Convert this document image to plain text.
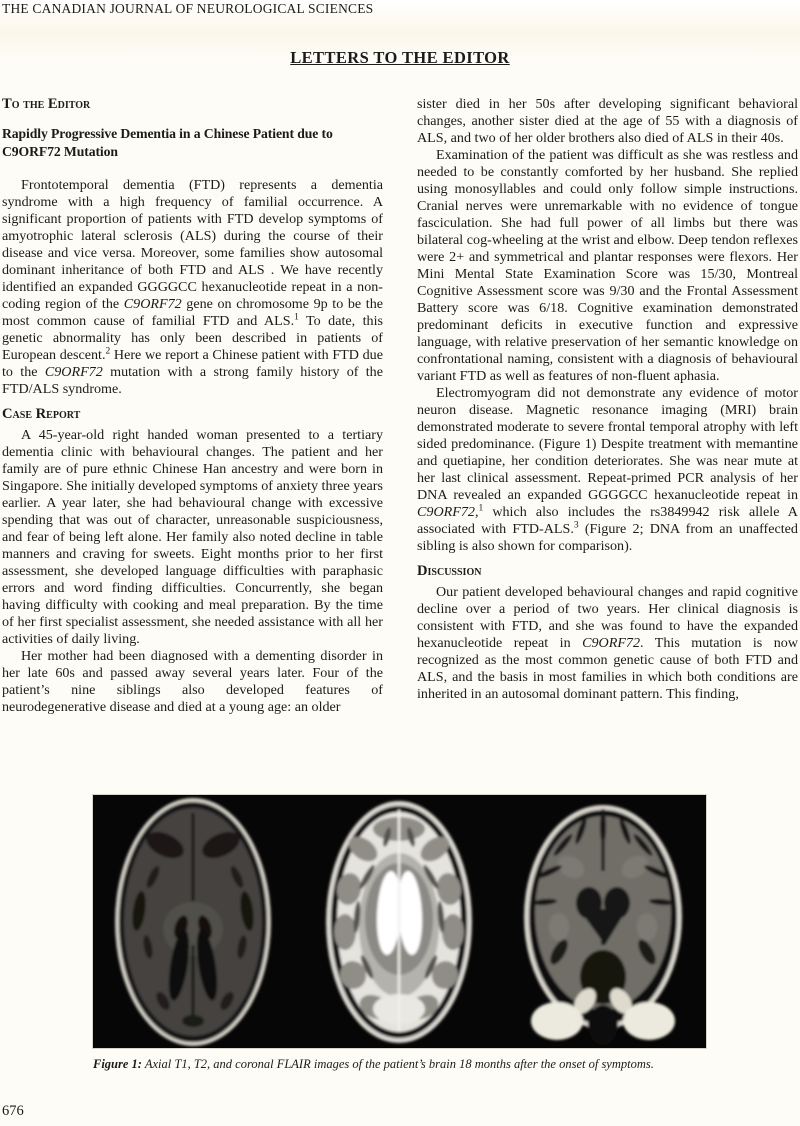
THE CANADIAN JOURNAL OF NEUROLOGICAL SCIENCES
LETTERS TO THE EDITOR
To the Editor
Rapidly Progressive Dementia in a Chinese Patient due to C9ORF72 Mutation

Frontotemporal dementia (FTD) represents a dementia syndrome with a high frequency of familial occurrence. A significant proportion of patients with FTD develop symptoms of amyotrophic lateral sclerosis (ALS) during the course of their disease and vice versa. Moreover, some families show autosomal dominant inheritance of both FTD and ALS . We have recently identified an expanded GGGGCC hexanucleotide repeat in a non-coding region of the C9ORF72 gene on chromosome 9p to be the most common cause of familial FTD and ALS.$^1$ To date, this genetic abnormality has only been described in patients of European descent.$^2$ Here we report a Chinese patient with FTD due to the C9ORF72 mutation with a strong family history of the FTD/ALS syndrome.

Case Report

A 45-year-old right handed woman presented to a tertiary dementia clinic with behavioural changes. The patient and her family are of pure ethnic Chinese Han ancestry and were born in Singapore. She initially developed symptoms of anxiety three years earlier. A year later, she had behavioural change with excessive spending that was out of character, unreasonable suspiciousness, and fear of being left alone. Her family also noted decline in table manners and craving for sweets. Eight months prior to her first assessment, she developed language difficulties with paraphasic errors and word finding difficulties. Concurrently, she began having difficulty with cooking and meal preparation. By the time of her first specialist assessment, she needed assistance with all her activities of daily living.

Her mother had been diagnosed with a dementing disorder in her late 60s and passed away several years later. Four of the patient’s nine siblings also developed features of neurodegenerative disease and died at a young age: an older

sister died in her 50s after developing significant behavioral changes, another sister died at the age of 55 with a diagnosis of ALS, and two of her older brothers also died of ALS in their 40s.

Examination of the patient was difficult as she was restless and needed to be constantly comforted by her husband. She replied using monosyllables and could only follow simple instructions. Cranial nerves were unremarkable with no evidence of tongue fasciculation. She had full power of all limbs but there was bilateral cog-wheeling at the wrist and elbow. Deep tendon reflexes were 2+ and symmetrical and plantar responses were flexors. Her Mini Mental State Examination Score was 15/30, Montreal Cognitive Assessment score was 9/30 and the Frontal Assessment Battery score was 6/18. Cognitive examination demonstrated predominant deficits in executive function and expressive language, with relative preservation of her semantic knowledge on confrontational naming, consistent with a diagnosis of behavioural variant FTD as well as features of non-fluent aphasia.

Electromyogram did not demonstrate any evidence of motor neuron disease. Magnetic resonance imaging (MRI) brain demonstrated moderate to severe frontal temporal atrophy with left sided predominance. (Figure 1) Despite treatment with memantine and quetiapine, her condition deteriorates. She was near mute at her last clinical assessment. Repeat-primed PCR analysis of her DNA revealed an expanded GGGGCC hexanucleotide repeat in C9ORF72,$^1$ which also includes the rs3849942 risk allele A associated with FTD-ALS.$^3$ (Figure 2; DNA from an unaffected sibling is also shown for comparison).

Discussion

Our patient developed behavioural changes and rapid cognitive decline over a period of two years. Her clinical diagnosis is consistent with FTD, and she was found to have the expanded hexanucleotide repeat in C9ORF72. This mutation is now recognized as the most common genetic cause of both FTD and ALS, and the basis in most families in which both conditions are inherited in an autosomal dominant pattern. This finding,

Figure 1: Axial T1, T2, and coronal FLAIR images of the patient’s brain 18 months after the onset of symptoms.
676
